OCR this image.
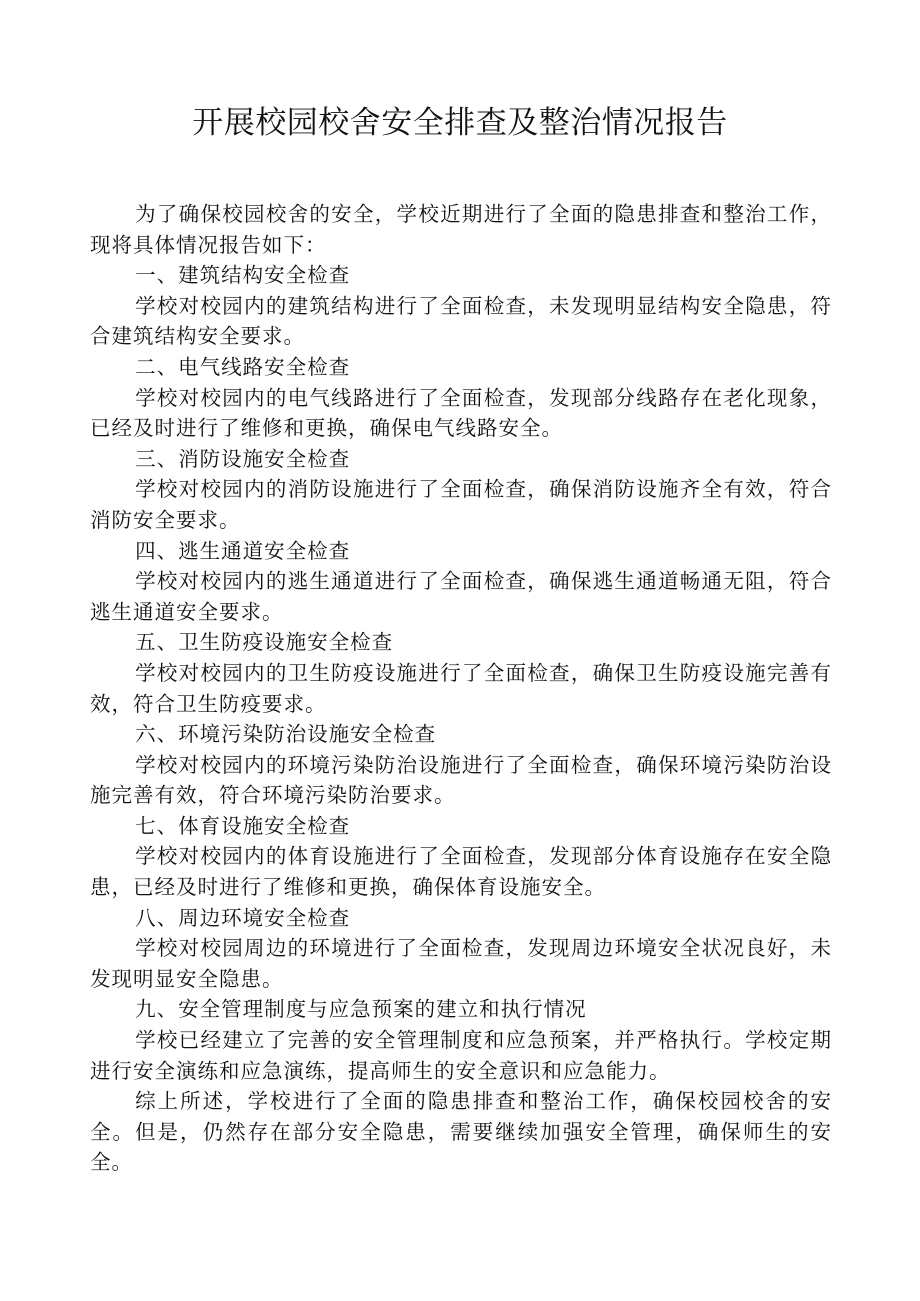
开展校园校舍安全排查及整治情况报告

为了确保校园校舍的安全，学校近期进行了全面的隐患排查和整治工作，现将具体情况报告如下：

一、建筑结构安全检查

学校对校园内的建筑结构进行了全面检查，未发现明显结构安全隐患，符合建筑结构安全要求。

二、电气线路安全检查

学校对校园内的电气线路进行了全面检查，发现部分线路存在老化现象，已经及时进行了维修和更换，确保电气线路安全。

三、消防设施安全检查

学校对校园内的消防设施进行了全面检查，确保消防设施齐全有效，符合消防安全要求。

四、逃生通道安全检查

学校对校园内的逃生通道进行了全面检查，确保逃生通道畅通无阻，符合逃生通道安全要求。

五、卫生防疫设施安全检查

学校对校园内的卫生防疫设施进行了全面检查，确保卫生防疫设施完善有效，符合卫生防疫要求。

六、环境污染防治设施安全检查

学校对校园内的环境污染防治设施进行了全面检查，确保环境污染防治设施完善有效，符合环境污染防治要求。

七、体育设施安全检查

学校对校园内的体育设施进行了全面检查，发现部分体育设施存在安全隐患，已经及时进行了维修和更换，确保体育设施安全。

八、周边环境安全检查

学校对校园周边的环境进行了全面检查，发现周边环境安全状况良好，未发现明显安全隐患。

九、安全管理制度与应急预案的建立和执行情况

学校已经建立了完善的安全管理制度和应急预案，并严格执行。学校定期进行安全演练和应急演练，提高师生的安全意识和应急能力。

综上所述，学校进行了全面的隐患排查和整治工作，确保校园校舍的安全。但是，仍然存在部分安全隐患，需要继续加强安全管理，确保师生的安全。
